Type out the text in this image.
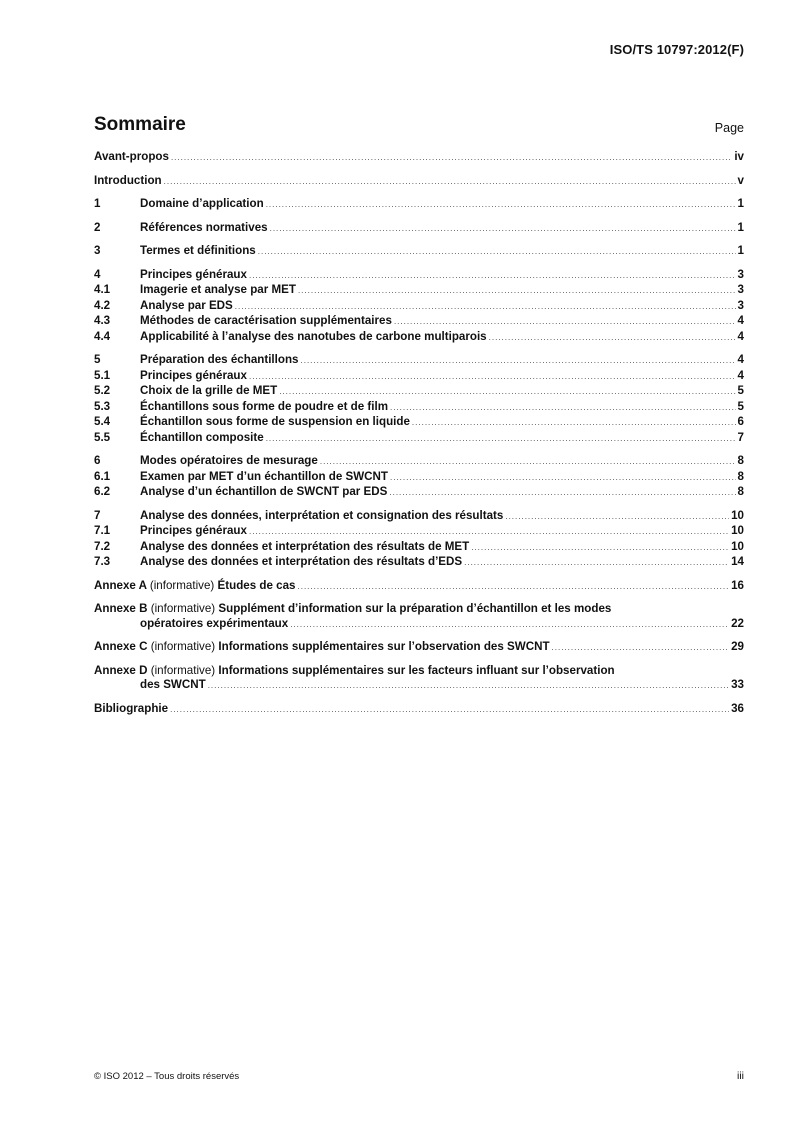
ISO/TS 10797:2012(F)
Sommaire	Page
Avant-propos .....	iv
Introduction .....	v
1	Domaine d’application .....	1
2	Références normatives .....	1
3	Termes et définitions .....	1
4	Principes généraux .....	3
4.1	Imagerie et analyse par MET .....	3
4.2	Analyse par EDS .....	3
4.3	Méthodes de caractérisation supplémentaires .....	4
4.4	Applicabilité à l’analyse des nanotubes de carbone multiparois .....	4
5	Préparation des échantillons .....	4
5.1	Principes généraux .....	4
5.2	Choix de la grille de MET .....	5
5.3	Échantillons sous forme de poudre et de film .....	5
5.4	Échantillon sous forme de suspension en liquide .....	6
5.5	Échantillon composite .....	7
6	Modes opératoires de mesurage .....	8
6.1	Examen par MET d’un échantillon de SWCNT .....	8
6.2	Analyse d’un échantillon de SWCNT par EDS .....	8
7	Analyse des données, interprétation et consignation des résultats .....	10
7.1	Principes généraux .....	10
7.2	Analyse des données et interprétation des résultats de MET .....	10
7.3	Analyse des données et interprétation des résultats d’EDS .....	14
Annexe A (informative) Études de cas .....	16
Annexe B (informative) Supplément d’information sur la préparation d’échantillon et les modes
opératoires expérimentaux .....	22
Annexe C (informative) Informations supplémentaires sur l’observation des SWCNT .....	29
Annexe D (informative) Informations supplémentaires sur les facteurs influant sur l’observation
des SWCNT .....	33
Bibliographie .....	36
© ISO 2012 – Tous droits réservés	iii
